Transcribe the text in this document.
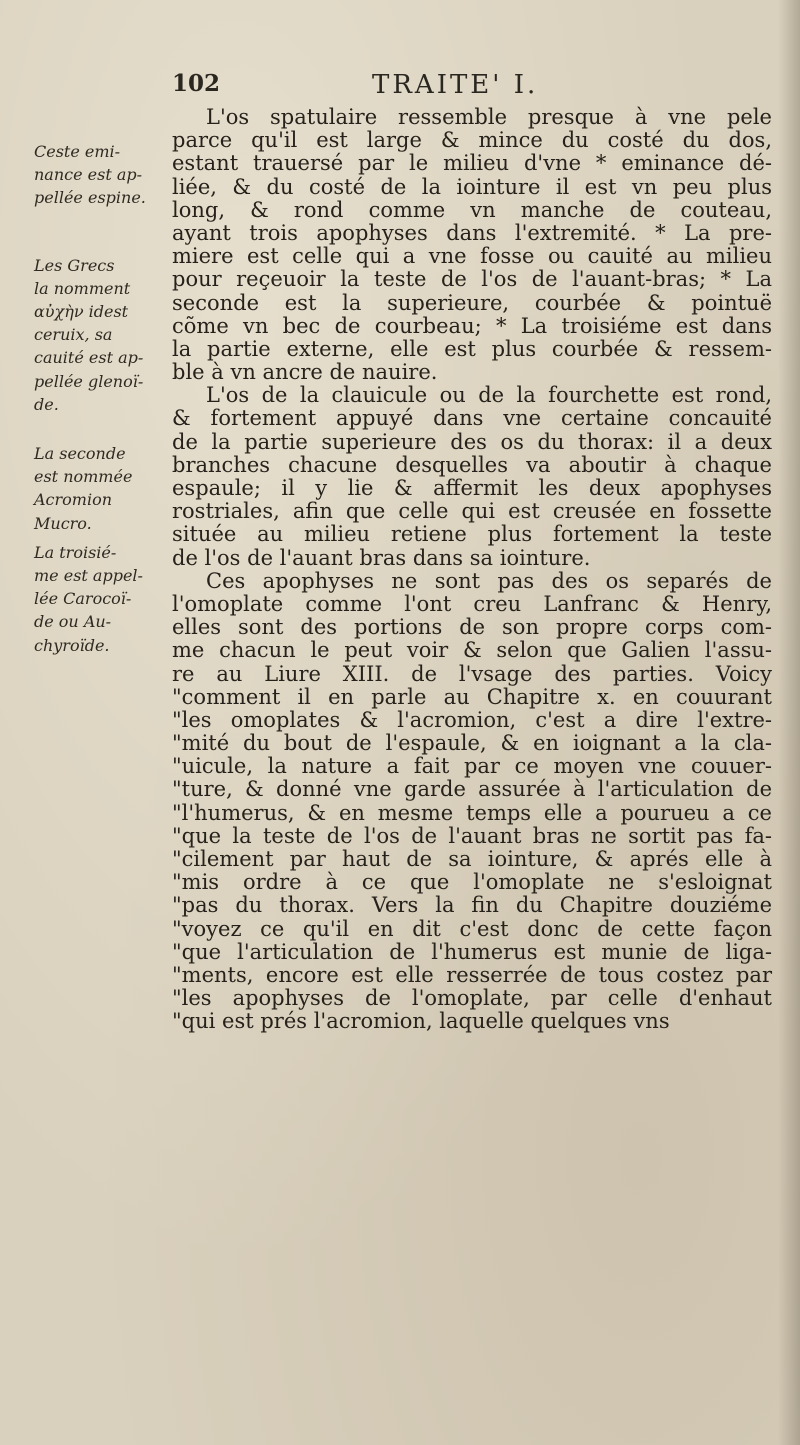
102	TRAITE' I.
Ceste emi-
nance est ap-
pellée espine.
Les Grecs
la nomment
αὐχὴν idest
ceruix, sa
cauité est ap-
pellée glenoï-
de.
La seconde
est nommée
Acromion
Mucro.
La troisié-
me est appel-
lée Carocoï-
de ou Au-
chyroïde.
L'os spatulaire ressemble presque à vne pele
parce qu'il est large & mince du costé du dos,
estant trauersé par le milieu d'vne * eminance dé-
liée, & du costé de la iointure il est vn peu plus
long, & rond comme vn manche de couteau,
ayant trois apophyses dans l'extremité. * La pre-
miere est celle qui a vne fosse ou cauité au milieu
pour reçeuoir la teste de l'os de l'auant-bras; * La
seconde est la superieure, courbée & pointuë
cõme vn bec de courbeau; * La troisiéme est dans
la partie externe, elle est plus courbée & ressem-
ble à vn ancre de nauire.
L'os de la clauicule ou de la fourchette est rond,
& fortement appuyé dans vne certaine concauité
de la partie superieure des os du thorax: il a deux
branches chacune desquelles va aboutir à chaque
espaule; il y lie & affermit les deux apophyses
rostriales, afin que celle qui est creusée en fossette
située au milieu retiene plus fortement la teste
de l'os de l'auant bras dans sa iointure.
Ces apophyses ne sont pas des os separés de
l'omoplate comme l'ont creu Lanfranc & Henry,
elles sont des portions de son propre corps com-
me chacun le peut voir & selon que Galien l'assu-
re au Liure XIII. de l'vsage des parties. Voicy
"comment il en parle au Chapitre x. en couurant
"les omoplates & l'acromion, c'est a dire l'extre-
"mité du bout de l'espaule, & en ioignant a la cla-
"uicule, la nature a fait par ce moyen vne couuer-
"ture, & donné vne garde assurée à l'articulation de
"l'humerus, & en mesme temps elle a pourueu a ce
"que la teste de l'os de l'auant bras ne sortit pas fa-
"cilement par haut de sa iointure, & aprés elle à
"mis ordre à ce que l'omoplate ne s'esloignat
"pas du thorax. Vers la fin du Chapitre douziéme
"voyez ce qu'il en dit c'est donc de cette façon
"que l'articulation de l'humerus est munie de liga-
"ments, encore est elle resserrée de tous costez par
"les apophyses de l'omoplate, par celle d'enhaut
"qui est prés l'acromion, laquelle quelques vns
